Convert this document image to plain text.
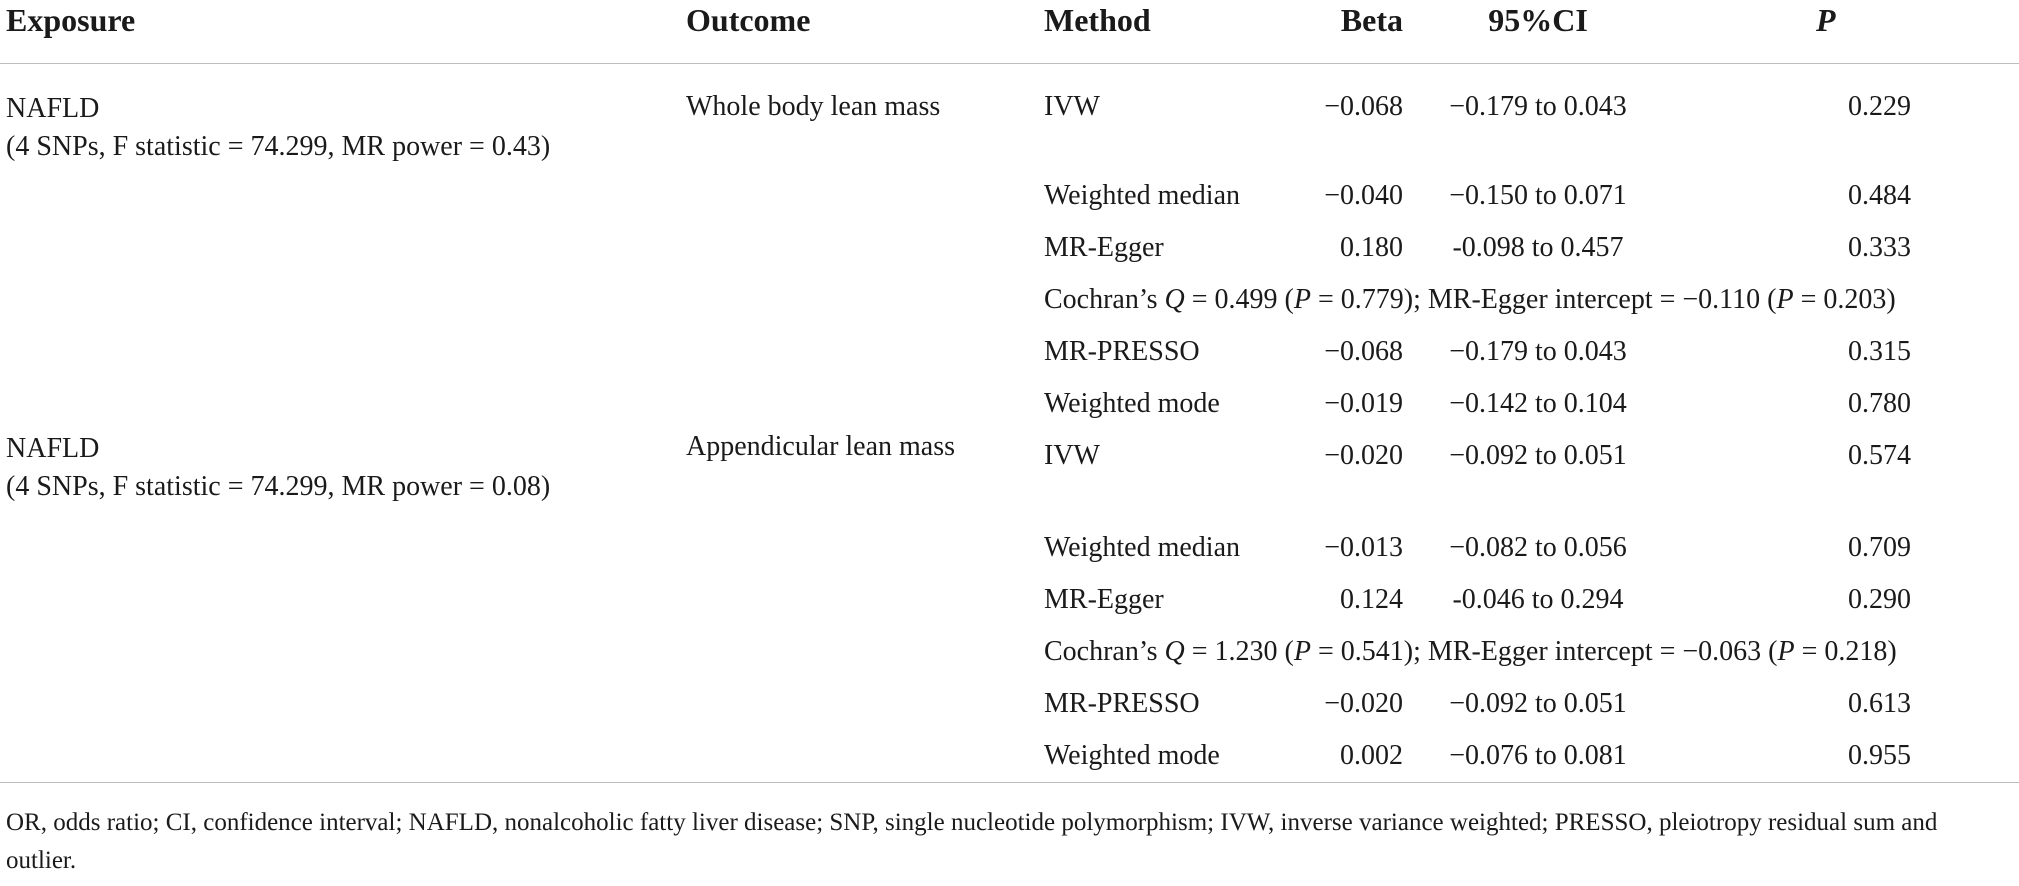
Exposure	Outcome	Method	Beta	95%CI	P
NAFLD
(4 SNPs, F statistic = 74.299, MR power = 0.43)	Whole body lean mass	IVW	−0.068	−0.179 to 0.043	0.229

		Weighted median	−0.040	−0.150 to 0.071	0.484
		MR-Egger	0.180	-0.098 to 0.457	0.333
		Cochran’s Q = 0.499 (P = 0.779); MR-Egger intercept = −0.110 (P = 0.203)			
		MR-PRESSO	−0.068	−0.179 to 0.043	0.315
		Weighted mode	−0.019	−0.142 to 0.104	0.780
NAFLD
(4 SNPs, F statistic = 74.299, MR power = 0.08)	Appendicular lean mass	IVW	−0.020	−0.092 to 0.051	0.574

		Weighted median	−0.013	−0.082 to 0.056	0.709
		MR-Egger	0.124	-0.046 to 0.294	0.290
		Cochran’s Q = 1.230 (P = 0.541); MR-Egger intercept = −0.063 (P = 0.218)			
		MR-PRESSO	−0.020	−0.092 to 0.051	0.613
		Weighted mode	0.002	−0.076 to 0.081	0.955
OR, odds ratio; CI, confidence interval; NAFLD, nonalcoholic fatty liver disease; SNP, single nucleotide polymorphism; IVW, inverse variance weighted; PRESSO, pleiotropy residual sum and outlier.
